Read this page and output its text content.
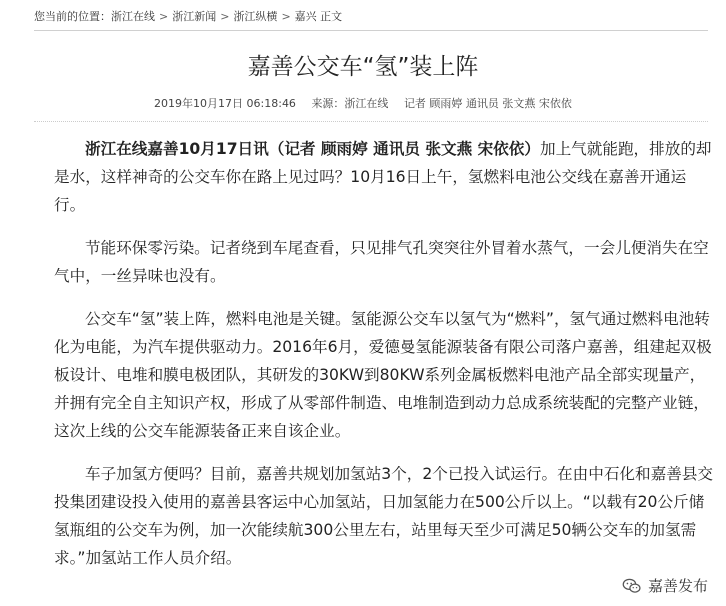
您当前的位置：浙江在线 > 浙江新闻 > 浙江纵横 > 嘉兴 正文
嘉善公交车“氢”装上阵
2019年10月17日 06:18:46 来源：浙江在线 记者 顾雨婷 通讯员 张文燕 宋依依

浙江在线嘉善10月17日讯（记者 顾雨婷 通讯员 张文燕 宋依依）加上气就能跑，排放的却是水，这样神奇的公交车你在路上见过吗？10月16日上午，氢燃料电池公交线在嘉善开通运行。

节能环保零污染。记者绕到车尾查看，只见排气孔突突往外冒着水蒸气，一会儿便消失在空气中，一丝异味也没有。

公交车“氢”装上阵，燃料电池是关键。氢能源公交车以氢气为“燃料”，氢气通过燃料电池转化为电能，为汽车提供驱动力。2016年6月，爱德曼氢能源装备有限公司落户嘉善，组建起双极板设计、电堆和膜电极团队，其研发的30KW到80KW系列金属板燃料电池产品全部实现量产，并拥有完全自主知识产权，形成了从零部件制造、电堆制造到动力总成系统装配的完整产业链，这次上线的公交车能源装备正来自该企业。

车子加氢方便吗？目前，嘉善共规划加氢站3个，2个已投入试运行。在由中石化和嘉善县交投集团建设投入使用的嘉善县客运中心加氢站，日加氢能力在500公斤以上。“以载有20公斤储氢瓶组的公交车为例，加一次能续航300公里左右，站里每天至少可满足50辆公交车的加氢需求。”加氢站工作人员介绍。

嘉善发布
